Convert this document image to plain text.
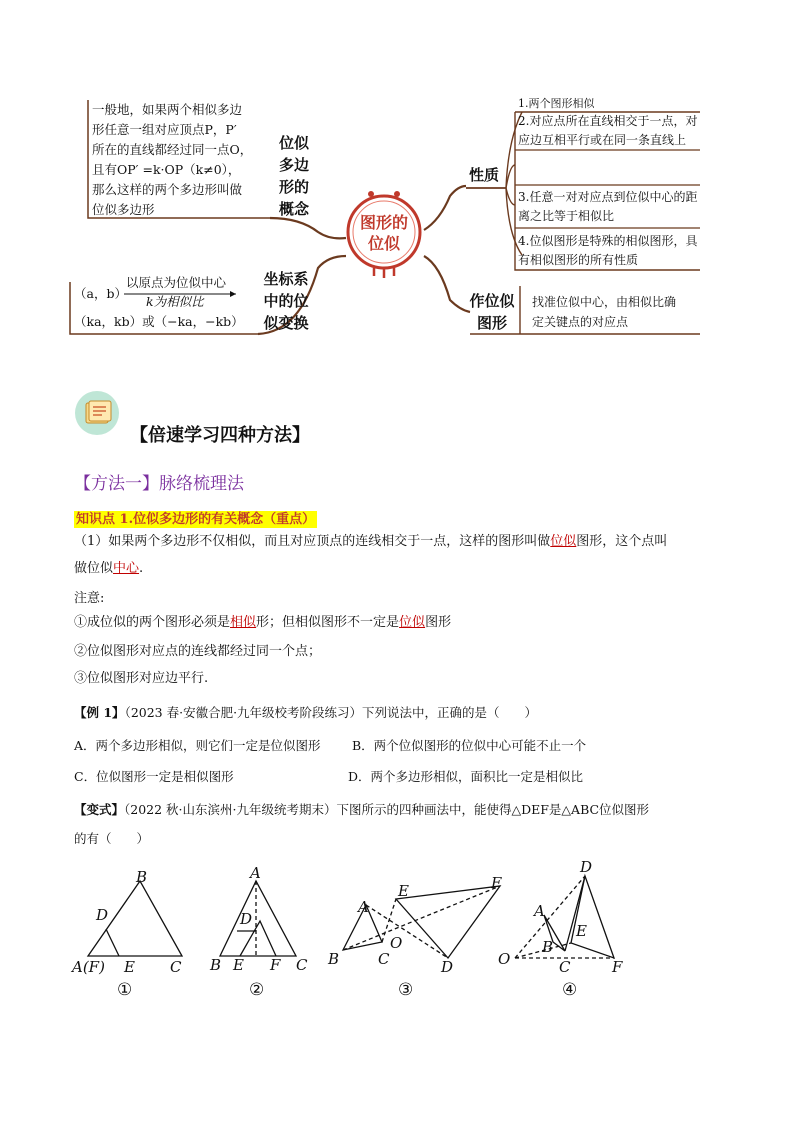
图形的
位似
一般地，如果两个相似多边
形任意一组对应顶点P，P′
所在的直线都经过同一点O，
且有OP′ =k·OP（k≠0），
那么这样的两个多边形叫做
位似多边形
位似
多边
形的
概念
（a，b）
以原点为位似中心
k为相似比
（ka，kb）或（−ka，−kb）
坐标系
中的位
似变换
性质
1.两个图形相似
2.对应点所在直线相交于一点，对应边互相平行或在同一条直线上
3.任意一对对应点到位似中心的距离之比等于相似比
4.位似图形是特殊的相似图形，具有相似图形的所有性质
作位似
图形
找准位似中心，由相似比确
定关键点的对应点
【倍速学习四种方法】
【方法一】脉络梳理法
知识点 1.位似多边形的有关概念（重点）
（1）如果两个多边形不仅相似，而且对应顶点的连线相交于一点，这样的图形叫做位似图形，这个点叫
做位似中心.
注意:
①成位似的两个图形必须是相似形；但相似图形不一定是位似图形
②位似图形对应点的连线都经过同一个点；
③位似图形对应边平行.
【例 1】（2023 春·安徽合肥·九年级校考阶段练习）下列说法中，正确的是（　　）
A．两个多边形相似，则它们一定是位似图形	B．两个位似图形的位似中心可能不止一个
C．位似图形一定是相似图形	D．两个多边形相似，面积比一定是相似比
【变式】（2022 秋·山东滨州·九年级统考期末）下图所示的四种画法中，能使得△DEF是△ABC位似图形
的有（　　）
B
D
A(F) E C
A
D
B E F C
A
B	C
O
E	F
D
D
A
E
B
O	C	F
①	②	③	④
